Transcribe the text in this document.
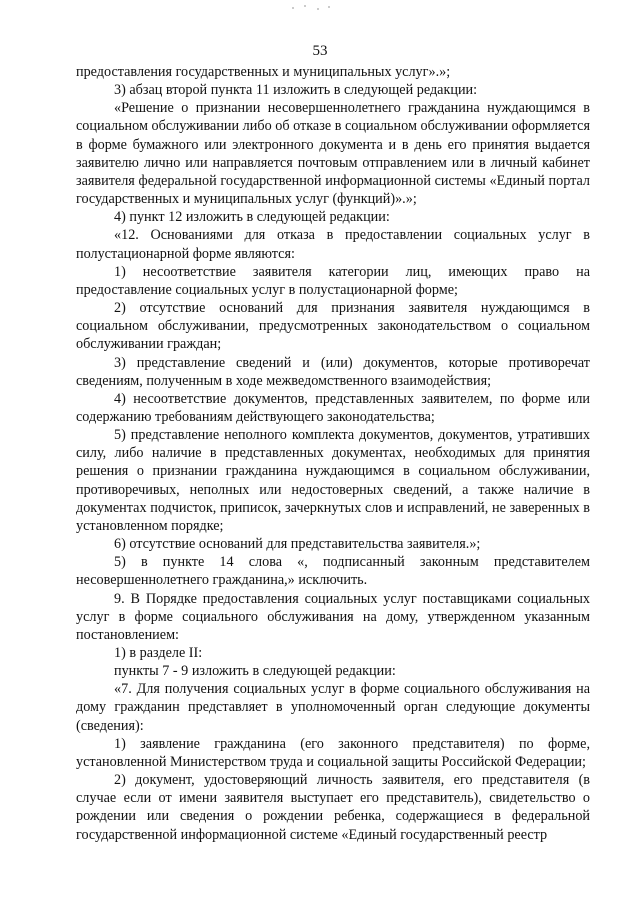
53

предоставления государственных и муниципальных услуг».»;

3) абзац второй пункта 11 изложить в следующей редакции:

«Решение о признании несовершеннолетнего гражданина нуждающимся в социальном обслуживании либо об отказе в социальном обслуживании оформляется в форме бумажного или электронного документа и в день его принятия выдается заявителю лично или направляется почтовым отправлением или в личный кабинет заявителя федеральной государственной информационной системы «Единый портал государственных и муниципальных услуг (функций)».»;

4) пункт 12 изложить в следующей редакции:

«12. Основаниями для отказа в предоставлении социальных услуг в полустационарной форме являются:

1) несоответствие заявителя категории лиц, имеющих право на предоставление социальных услуг в полустационарной форме;

2) отсутствие оснований для признания заявителя нуждающимся в социальном обслуживании, предусмотренных законодательством о социальном обслуживании граждан;

3) представление сведений и (или) документов, которые противоречат сведениям, полученным в ходе межведомственного взаимодействия;

4) несоответствие документов, представленных заявителем, по форме или содержанию требованиям действующего законодательства;

5) представление неполного комплекта документов, документов, утративших силу, либо наличие в представленных документах, необходимых для принятия решения о признании гражданина нуждающимся в социальном обслуживании, противоречивых, неполных или недостоверных сведений, а также наличие в документах подчисток, приписок, зачеркнутых слов и исправлений, не заверенных в установленном порядке;

6) отсутствие оснований для представительства заявителя.»;

5) в пункте 14 слова «, подписанный законным представителем несовершеннолетнего гражданина,» исключить.

9. В Порядке предоставления социальных услуг поставщиками социальных услуг в форме социального обслуживания на дому, утвержденном указанным постановлением:

1) в разделе II:

пункты 7 - 9 изложить в следующей редакции:

«7. Для получения социальных услуг в форме социального обслуживания на дому гражданин представляет в уполномоченный орган следующие документы (сведения):

1) заявление гражданина (его законного представителя) по форме, установленной Министерством труда и социальной защиты Российской Федерации;

2) документ, удостоверяющий личность заявителя, его представителя (в случае если от имени заявителя выступает его представитель), свидетельство о рождении или сведения о рождении ребенка, содержащиеся в федеральной государственной информационной системе «Единый государственный реестр
